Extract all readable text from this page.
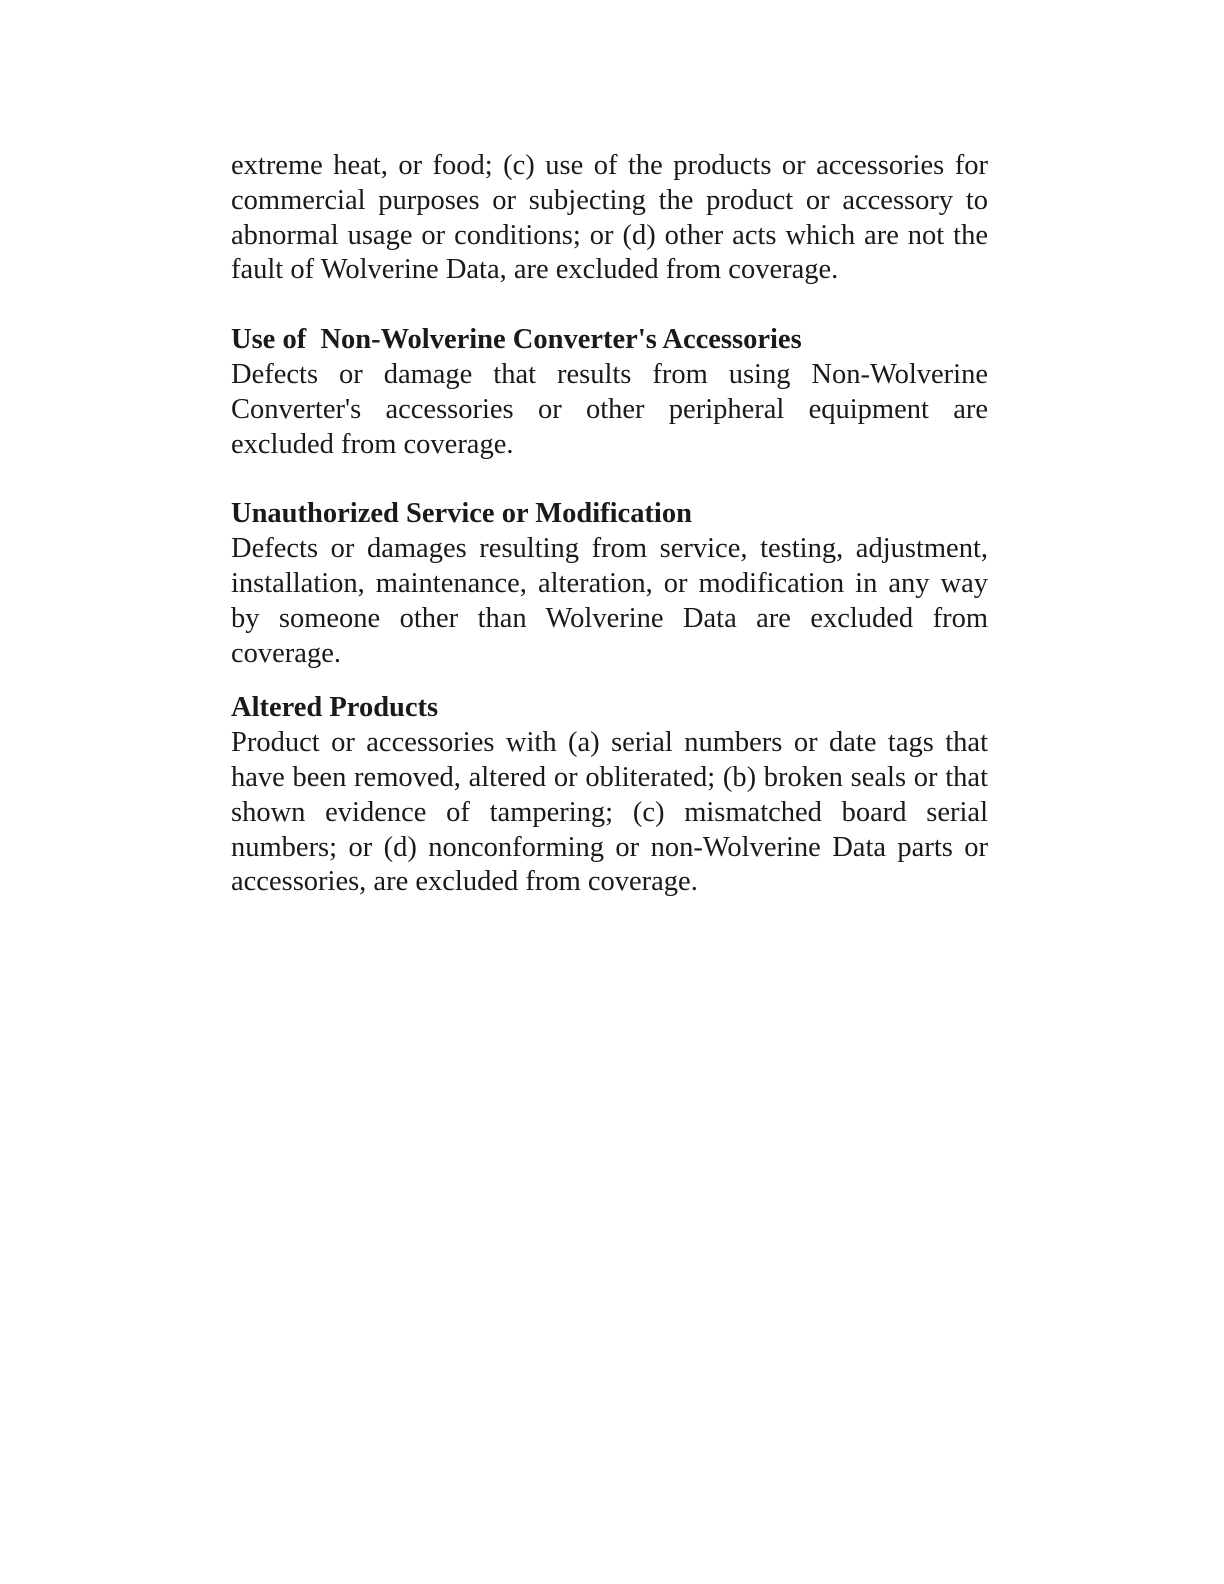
extreme heat, or food; (c) use of the products or accessories for commercial purposes or subjecting the product or accessory to abnormal usage or conditions; or (d) other acts which are not the fault of Wolverine Data, are excluded from coverage.

Use of  Non-Wolverine Converter's Accessories

Defects or damage that results from using Non-Wolverine Converter's accessories or other peripheral equipment are excluded from coverage.

Unauthorized Service or Modification

Defects or damages resulting from service, testing, adjustment, installation, maintenance, alteration, or modification in any way by someone other than Wolverine Data are excluded from coverage.

Altered Products

Product or accessories with (a) serial numbers or date tags that have been removed, altered or obliterated; (b) broken seals or that shown evidence of tampering; (c) mismatched board serial numbers; or (d) nonconforming or non-Wolverine Data parts or accessories, are excluded from coverage.
